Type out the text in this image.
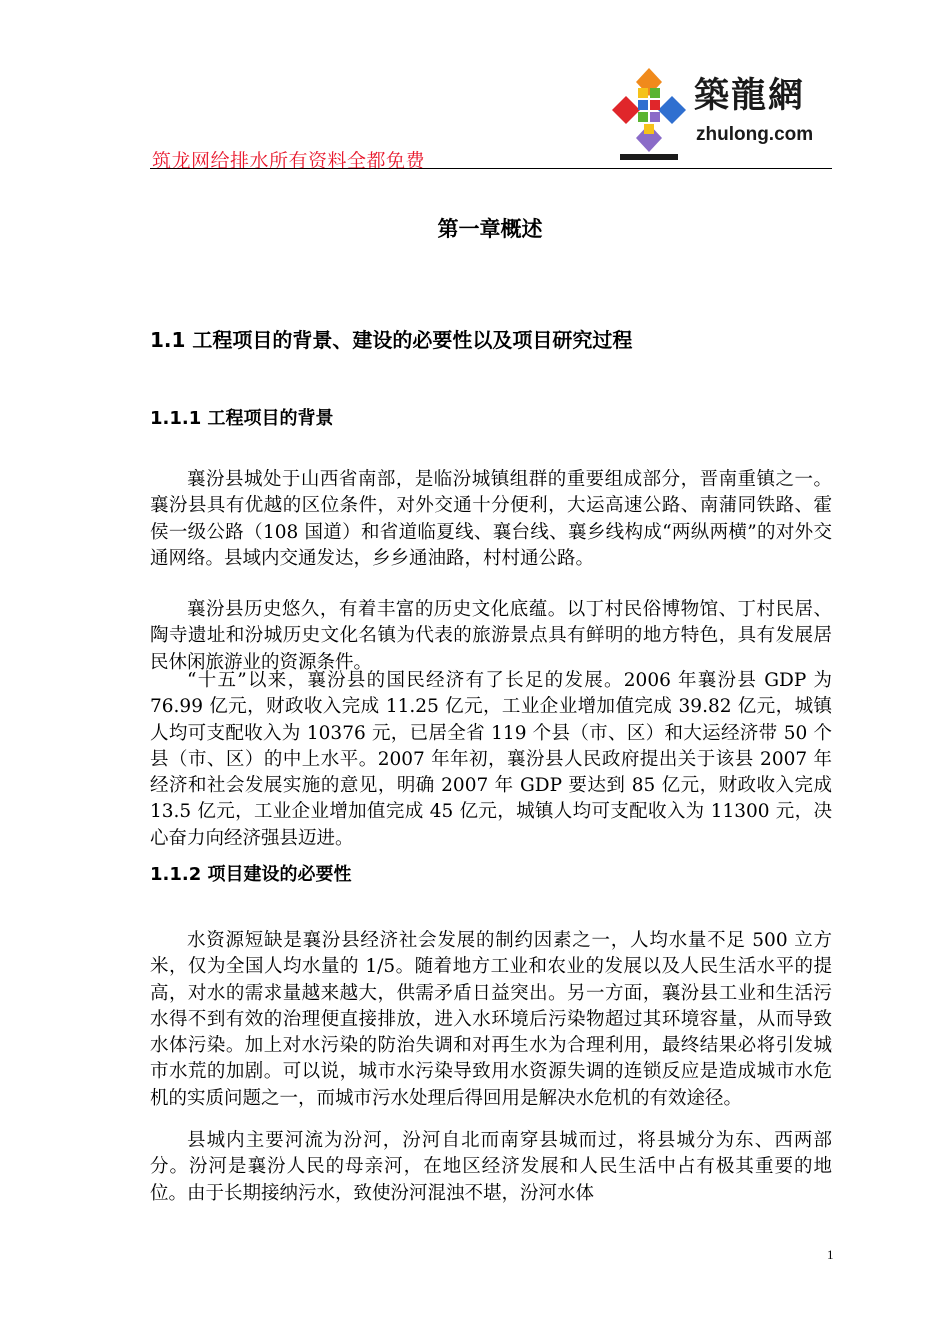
築龍網
zhulong.com
筑龙网给排水所有资料全都免费
第一章概述
1.1 工程项目的背景、建设的必要性以及项目研究过程
1.1.1 工程项目的背景

襄汾县城处于山西省南部，是临汾城镇组群的重要组成部分，晋南重镇之一。襄汾县具有优越的区位条件，对外交通十分便利，大运高速公路、南蒲同铁路、霍侯一级公路（108 国道）和省道临夏线、襄台线、襄乡线构成“两纵两横”的对外交通网络。县域内交通发达，乡乡通油路，村村通公路。

襄汾县历史悠久，有着丰富的历史文化底蕴。以丁村民俗博物馆、丁村民居、陶寺遗址和汾城历史文化名镇为代表的旅游景点具有鲜明的地方特色，具有发展居民休闲旅游业的资源条件。

“十五”以来，襄汾县的国民经济有了长足的发展。2006 年襄汾县 GDP 为 76.99 亿元，财政收入完成 11.25 亿元，工业企业增加值完成 39.82 亿元，城镇人均可支配收入为 10376 元，已居全省 119 个县（市、区）和大运经济带 50 个县（市、区）的中上水平。2007 年年初，襄汾县人民政府提出关于该县 2007 年经济和社会发展实施的意见，明确 2007 年 GDP 要达到 85 亿元，财政收入完成 13.5 亿元，工业企业增加值完成 45 亿元，城镇人均可支配收入为 11300 元，决心奋力向经济强县迈进。

1.1.2 项目建设的必要性

水资源短缺是襄汾县经济社会发展的制约因素之一，人均水量不足 500 立方米，仅为全国人均水量的 1/5。随着地方工业和农业的发展以及人民生活水平的提高，对水的需求量越来越大，供需矛盾日益突出。另一方面，襄汾县工业和生活污水得不到有效的治理便直接排放，进入水环境后污染物超过其环境容量，从而导致水体污染。加上对水污染的防治失调和对再生水为合理利用，最终结果必将引发城市水荒的加剧。可以说，城市水污染导致用水资源失调的连锁反应是造成城市水危机的实质问题之一，而城市污水处理后得回用是解决水危机的有效途径。

县城内主要河流为汾河，汾河自北而南穿县城而过，将县城分为东、西两部分。汾河是襄汾人民的母亲河，在地区经济发展和人民生活中占有极其重要的地位。由于长期接纳污水，致使汾河混浊不堪，汾河水体

1
